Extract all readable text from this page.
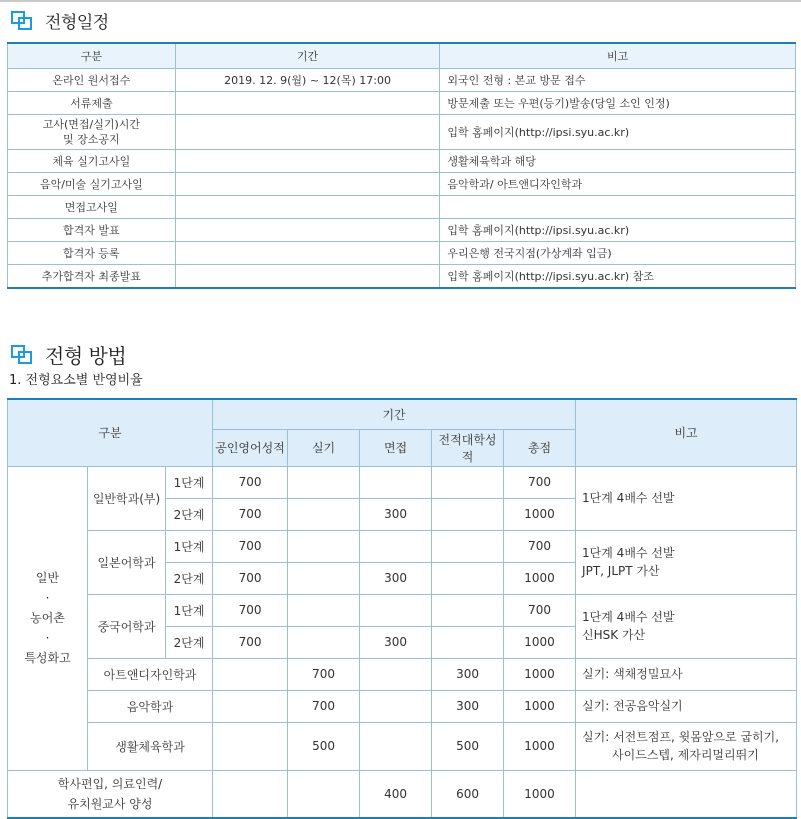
전형일정
구분	기간	비고
온라인 원서접수	2019. 12. 9(월) ~ 12(목) 17:00	외국인 전형 : 본교 방문 접수
서류제출		방문제출 또는 우편(등기)발송(당일 소인 인정)

고사(면접/실기)시간
및 장소공지		입학 홈페이지(http://ipsi.syu.ac.kr)
체육 실기고사일		생활체육학과 해당
음악/미술 실기고사일		음악학과/ 아트앤디자인학과
면접고사일		
합격자 발표		입학 홈페이지(http://ipsi.syu.ac.kr)
합격자 등록		우리은행 전국지점(가상계좌 입금)
추가합격자 최종발표		입학 홈페이지(http://ipsi.syu.ac.kr) 참조
전형 방법
1. 전형요소별 반영비율
구분			기간					비고
			공인영어성적	실기	면접	전적대학성적	총점	

일반
·
농어촌
·
특성화고	일반학과(부)	1단계	700				700	1단계 4배수 선발
		2단계	700		300		1000	
	일본어학과	1단계	700				700	1단계 4배수 선발
JPT, JLPT 가산

		2단계	700		300		1000	
	중국어학과	1단계	700				700	1단계 4배수 선발
신HSK 가산

		2단계	700		300		1000	
	아트앤디자인학과			700		300	1000	실기: 색채정밀묘사
	음악학과			700		300	1000	실기: 전공음악실기
	생활체육학과			500		500	1000	실기: 서전트점프, 윗몸앞으로 굽히기,
사이드스텝, 제자리멀리뛰기

학사편입, 의료인력/
유치원교사 양성					400	600	1000	
